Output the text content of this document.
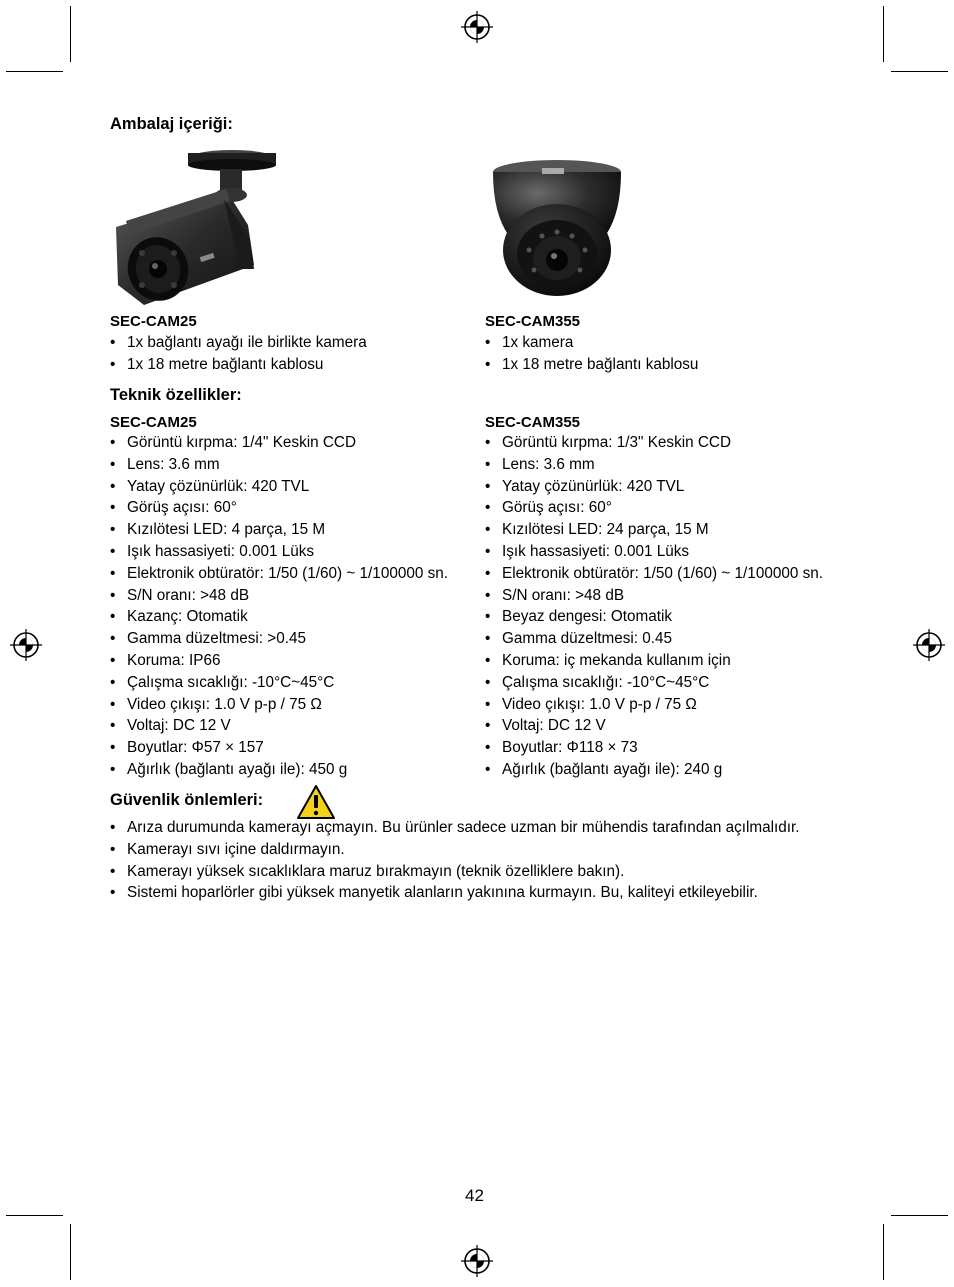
Ambalaj içeriği:
SEC-CAM25
• 1x bağlantı ayağı ile birlikte kamera
• 1x 18 metre bağlantı kablosu
SEC-CAM355
• 1x kamera
• 1x 18 metre bağlantı kablosu
Teknik özellikler:
SEC-CAM25
• Görüntü kırpma: 1/4" Keskin CCD
• Lens: 3.6 mm
• Yatay çözünürlük: 420 TVL
• Görüş açısı: 60°
• Kızılötesi LED: 4 parça, 15 M
• Işık hassasiyeti: 0.001 Lüks
• Elektronik obtüratör: 1/50 (1/60) ~ 1/100000 sn.
• S/N oranı: >48 dB
• Kazanç: Otomatik
• Gamma düzeltmesi: >0.45
• Koruma: IP66
• Çalışma sıcaklığı: -10°C~45°C
• Video çıkışı: 1.0 V p-p / 75 Ω
• Voltaj: DC 12 V
• Boyutlar: Φ57 × 157
• Ağırlık (bağlantı ayağı ile): 450 g
SEC-CAM355
• Görüntü kırpma: 1/3" Keskin CCD
• Lens: 3.6 mm
• Yatay çözünürlük: 420 TVL
• Görüş açısı: 60°
• Kızılötesi LED: 24 parça, 15 M
• Işık hassasiyeti: 0.001 Lüks
• Elektronik obtüratör: 1/50 (1/60) ~ 1/100000 sn.
• S/N oranı: >48 dB
• Beyaz dengesi: Otomatik
• Gamma düzeltmesi: 0.45
• Koruma: iç mekanda kullanım için
• Çalışma sıcaklığı: -10°C~45°C
• Video çıkışı: 1.0 V p-p / 75 Ω
• Voltaj: DC 12 V
• Boyutlar: Φ118 × 73
• Ağırlık (bağlantı ayağı ile): 240 g
Güvenlik önlemleri:
• Arıza durumunda kamerayı açmayın. Bu ürünler sadece uzman bir mühendis tarafından açılmalıdır.
• Kamerayı sıvı içine daldırmayın.
• Kamerayı yüksek sıcaklıklara maruz bırakmayın (teknik özelliklere bakın).
• Sistemi hoparlörler gibi yüksek manyetik alanların yakınına kurmayın. Bu, kaliteyi etkileyebilir.
42
